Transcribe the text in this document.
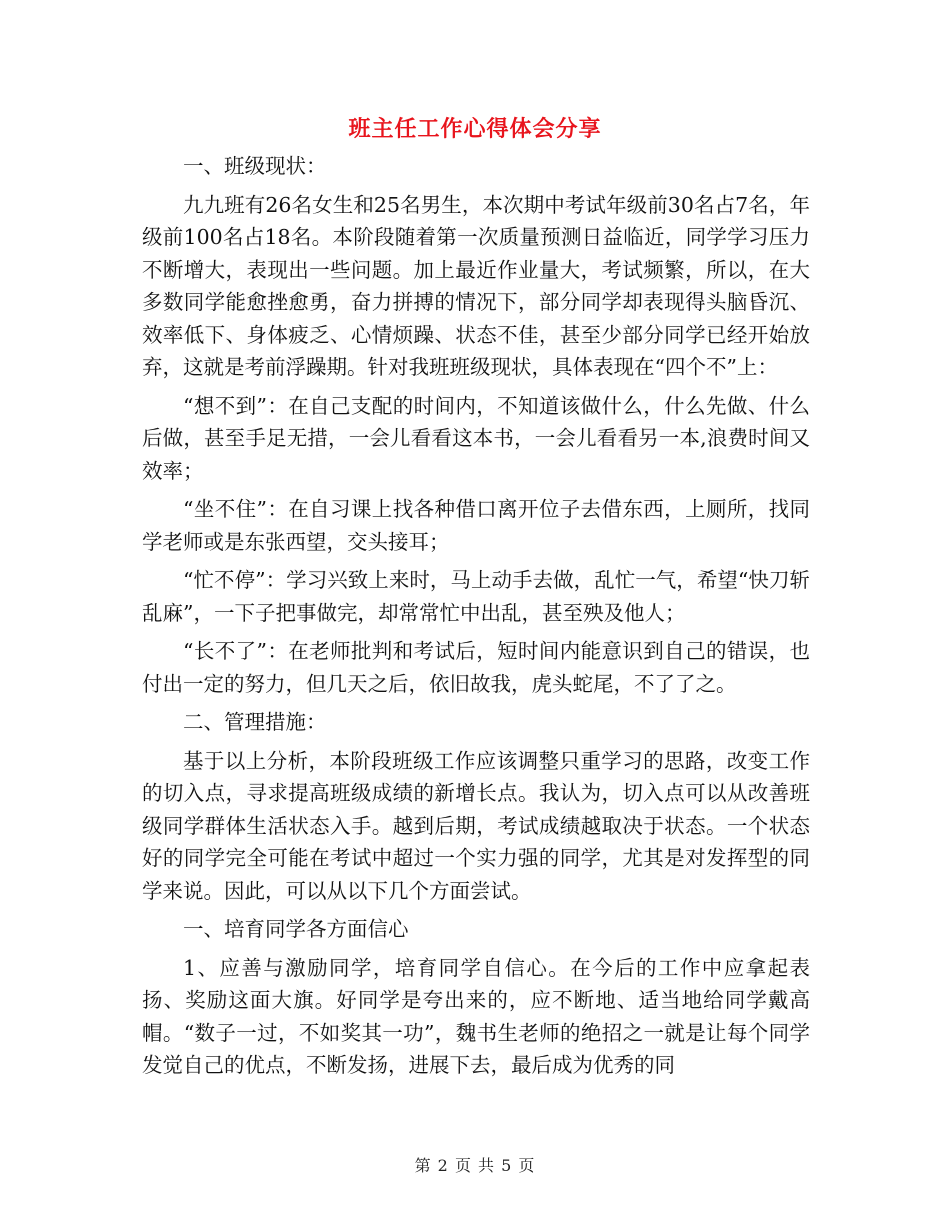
班主任工作心得体会分享

一、班级现状：

九九班有26名女生和25名男生，本次期中考试年级前30名占7名，年级前100名占18名。本阶段随着第一次质量预测日益临近，同学学习压力不断增大，表现出一些问题。加上最近作业量大，考试频繁，所以，在大多数同学能愈挫愈勇，奋力拼搏的情况下，部分同学却表现得头脑昏沉、效率低下、身体疲乏、心情烦躁、状态不佳，甚至少部分同学已经开始放弃，这就是考前浮躁期。针对我班班级现状，具体表现在“四个不”上：

“想不到”：在自己支配的时间内，不知道该做什么，什么先做、什么后做，甚至手足无措，一会儿看看这本书，一会儿看看另一本,浪费时间又效率；

“坐不住”：在自习课上找各种借口离开位子去借东西，上厕所，找同学老师或是东张西望，交头接耳；

“忙不停”：学习兴致上来时，马上动手去做，乱忙一气，希望“快刀斩乱麻”，一下子把事做完，却常常忙中出乱，甚至殃及他人；

“长不了”：在老师批判和考试后，短时间内能意识到自己的错误，也付出一定的努力，但几天之后，依旧故我，虎头蛇尾，不了了之。

二、管理措施：

基于以上分析，本阶段班级工作应该调整只重学习的思路，改变工作的切入点，寻求提高班级成绩的新增长点。我认为，切入点可以从改善班级同学群体生活状态入手。越到后期，考试成绩越取决于状态。一个状态好的同学完全可能在考试中超过一个实力强的同学，尤其是对发挥型的同学来说。因此，可以从以下几个方面尝试。

一、培育同学各方面信心

1、应善与激励同学，培育同学自信心。在今后的工作中应拿起表扬、奖励这面大旗。好同学是夸出来的，应不断地、适当地给同学戴高帽。“数子一过，不如奖其一功”，魏书生老师的绝招之一就是让每个同学发觉自己的优点，不断发扬，进展下去，最后成为优秀的同

第 2 页 共 5 页
